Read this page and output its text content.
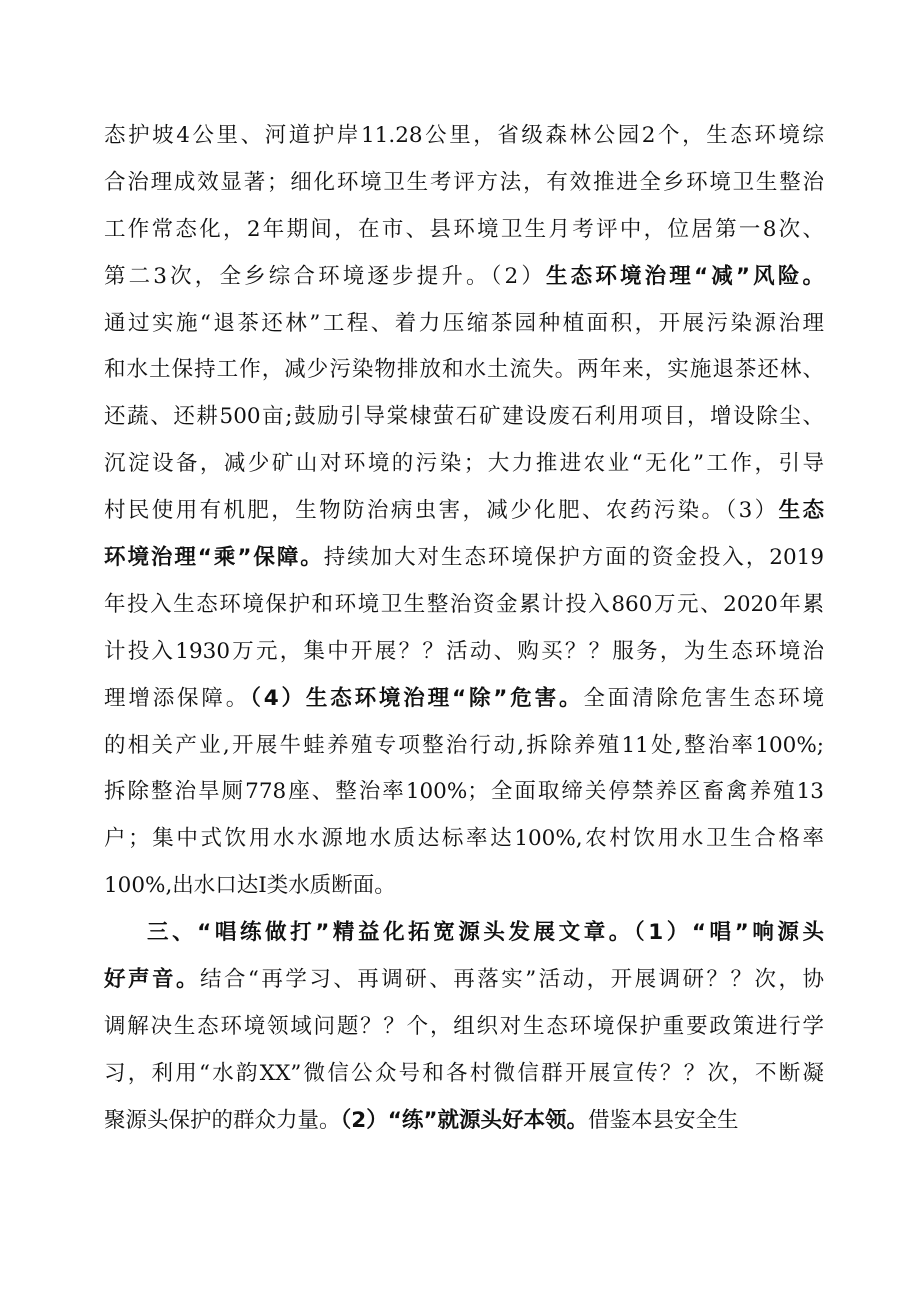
态护坡4公里、河道护岸11.28公里，省级森林公园2个，生态环境综
合治理成效显著；细化环境卫生考评方法，有效推进全乡环境卫生整治
工作常态化，2年期间，在市、县环境卫生月考评中，位居第一8次、
第二3次，全乡综合环境逐步提升。（2）生态环境治理“减”风险。
通过实施“退茶还林”工程、着力压缩茶园种植面积，开展污染源治理
和水土保持工作，减少污染物排放和水土流失。两年来，实施退茶还林、
还蔬、还耕500亩;鼓励引导棠棣萤石矿建设废石利用项目，增设除尘、
沉淀设备，减少矿山对环境的污染；大力推进农业“无化”工作，引导
村民使用有机肥，生物防治病虫害，减少化肥、农药污染。（3）生态
环境治理“乘”保障。持续加大对生态环境保护方面的资金投入，2019
年投入生态环境保护和环境卫生整治资金累计投入860万元、2020年累
计投入1930万元，集中开展？？活动、购买？？服务，为生态环境治
理增添保障。（4）生态环境治理“除”危害。全面清除危害生态环境
的相关产业,开展牛蛙养殖专项整治行动,拆除养殖11处,整治率100%;
拆除整治旱厕778座、整治率100%；全面取缔关停禁养区畜禽养殖13
户；集中式饮用水水源地水质达标率达100%,农村饮用水卫生合格率
100%,出水口达Ⅰ类水质断面。
三、“唱练做打”精益化拓宽源头发展文章。（1）“唱”响源头
好声音。结合“再学习、再调研、再落实”活动，开展调研？？次，协
调解决生态环境领域问题？？个，组织对生态环境保护重要政策进行学
习，利用“水韵XX”微信公众号和各村微信群开展宣传？？次，不断凝
聚源头保护的群众力量。（2）“练”就源头好本领。借鉴本县安全生
